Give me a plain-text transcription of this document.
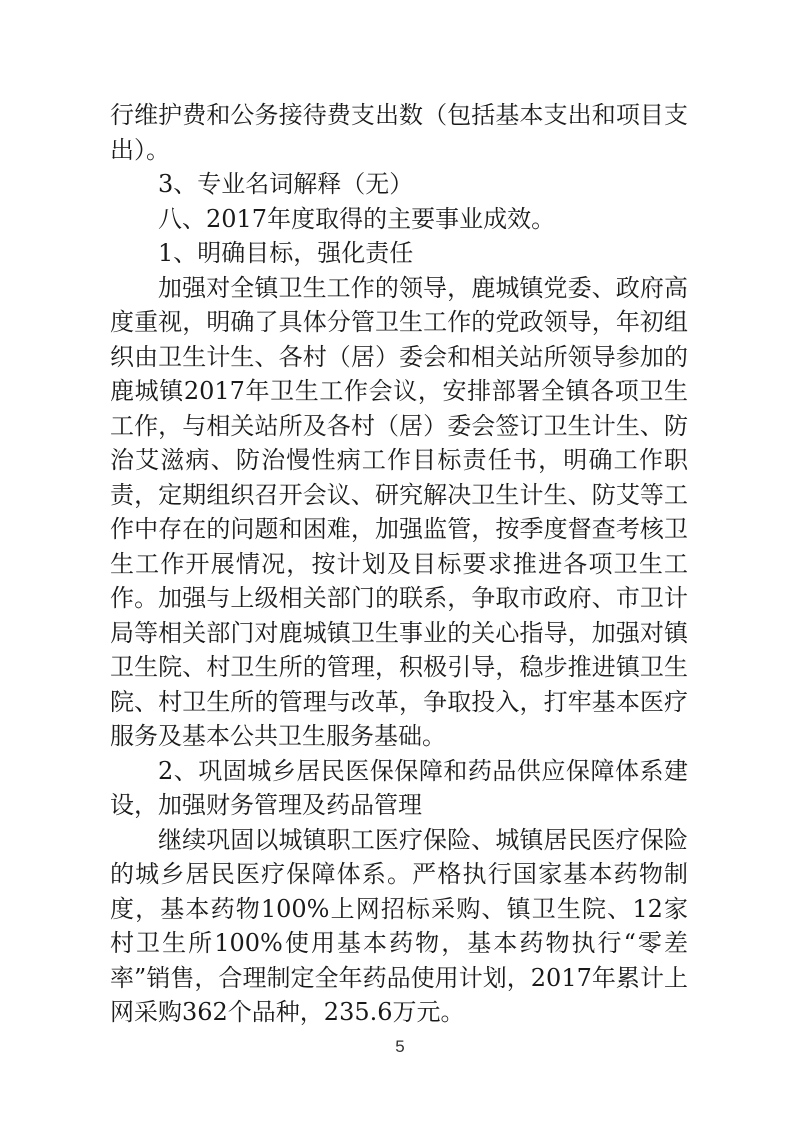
行维护费和公务接待费支出数（包括基本支出和项目支出）。

3、专业名词解释（无）

八、2017年度取得的主要事业成效。

1、明确目标，强化责任

加强对全镇卫生工作的领导，鹿城镇党委、政府高度重视，明确了具体分管卫生工作的党政领导，年初组织由卫生计生、各村（居）委会和相关站所领导参加的鹿城镇2017年卫生工作会议，安排部署全镇各项卫生工作，与相关站所及各村（居）委会签订卫生计生、防治艾滋病、防治慢性病工作目标责任书，明确工作职责，定期组织召开会议、研究解决卫生计生、防艾等工作中存在的问题和困难，加强监管，按季度督查考核卫生工作开展情况，按计划及目标要求推进各项卫生工作。加强与上级相关部门的联系，争取市政府、市卫计局等相关部门对鹿城镇卫生事业的关心指导，加强对镇卫生院、村卫生所的管理，积极引导，稳步推进镇卫生院、村卫生所的管理与改革，争取投入，打牢基本医疗服务及基本公共卫生服务基础。

2、巩固城乡居民医保保障和药品供应保障体系建设，加强财务管理及药品管理

继续巩固以城镇职工医疗保险、城镇居民医疗保险的城乡居民医疗保障体系。严格执行国家基本药物制度，基本药物100%上网招标采购、镇卫生院、12家村卫生所100%使用基本药物，基本药物执行“零差率”销售，合理制定全年药品使用计划，2017年累计上网采购362个品种，235.6万元。

5
